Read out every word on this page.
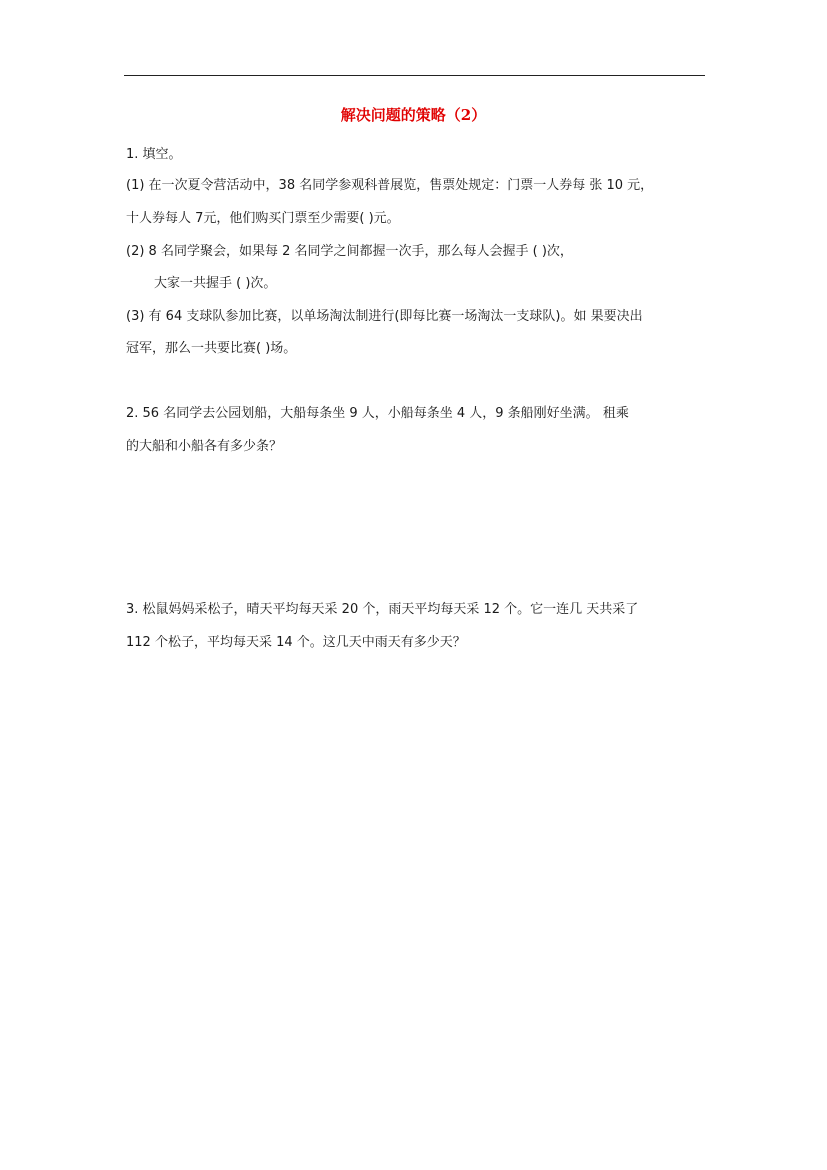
解决问题的策略（2）
1. 填空。
(1) 在一次夏令营活动中，38 名同学参观科普展览，售票处规定：门票一人券每 张 10 元，
十人券每人 7元，他们购买门票至少需要( )元。
(2) 8 名同学聚会，如果每 2 名同学之间都握一次手，那么每人会握手 ( )次，
大家一共握手 ( )次。
(3) 有 64 支球队参加比赛，以单场淘汰制进行(即每比赛一场淘汰一支球队)。如 果要决出
冠军，那么一共要比赛( )场。
2. 56 名同学去公园划船，大船每条坐 9 人，小船每条坐 4 人，9 条船刚好坐满。 租乘
的大船和小船各有多少条？
3. 松鼠妈妈采松子，晴天平均每天采 20 个，雨天平均每天采 12 个。它一连几 天共采了
112 个松子，平均每天采 14 个。这几天中雨天有多少天？
